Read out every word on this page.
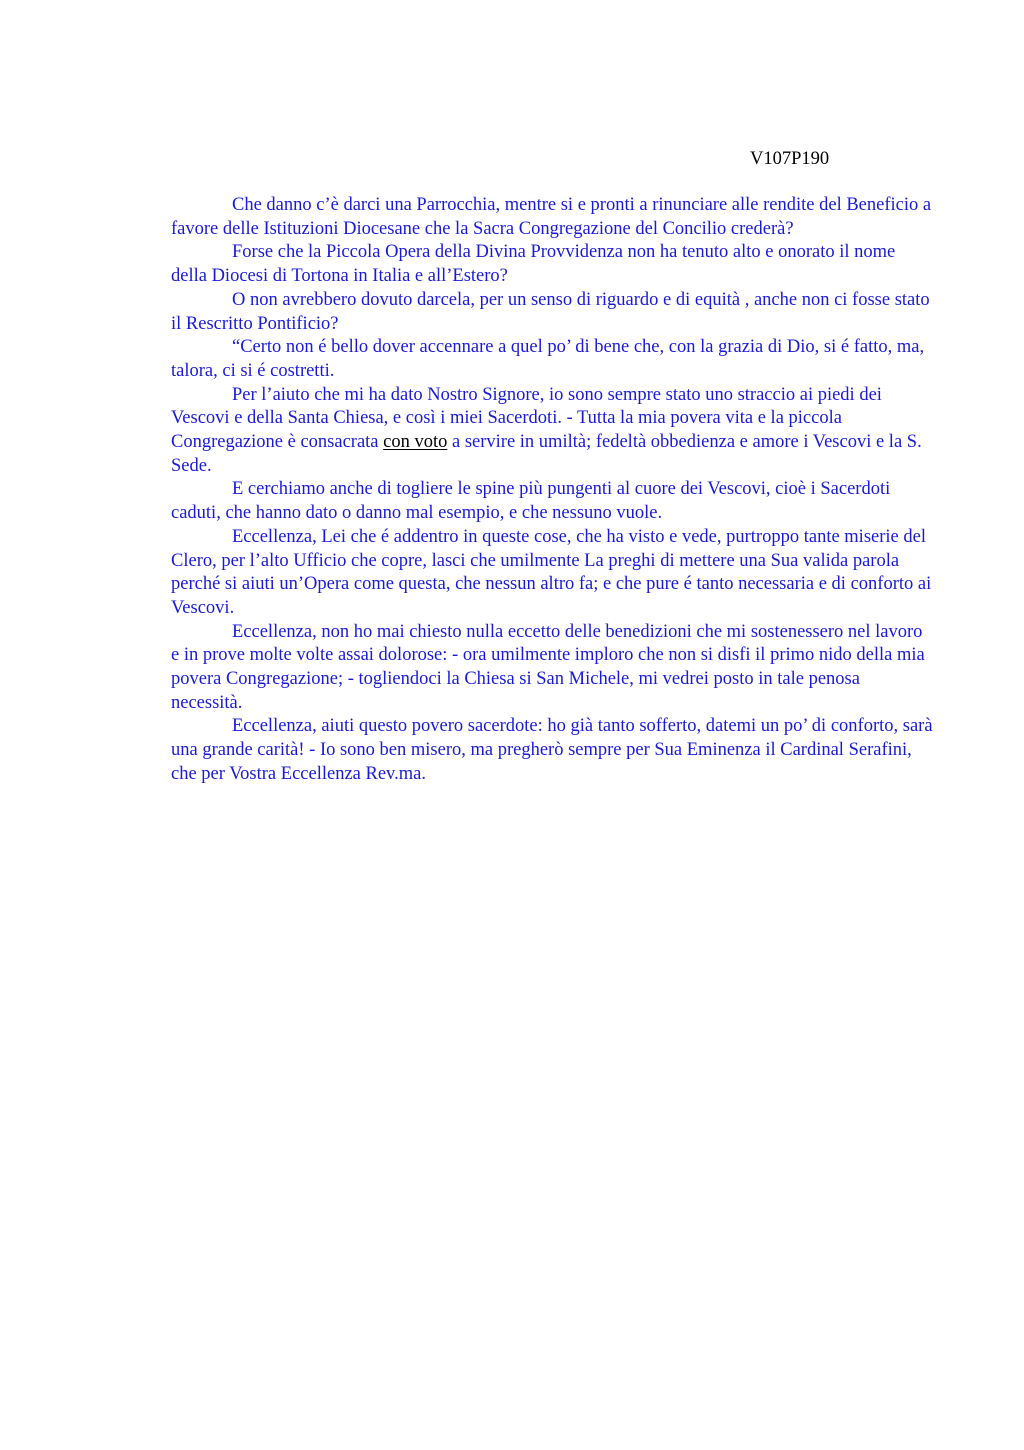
V107P190

Che danno c’è darci una Parrocchia, mentre si e pronti a rinunciare alle rendite del Beneficio a favore delle Istituzioni Diocesane che la Sacra Congregazione del Concilio crederà?

Forse che la Piccola Opera della Divina Provvidenza non ha tenuto alto e onorato il nome della Diocesi di Tortona in Italia e all’Estero?

O non avrebbero dovuto darcela, per un senso di riguardo e di equità , anche non ci fosse stato il Rescritto Pontificio?

“Certo non é bello dover accennare a quel po’ di bene che, con la grazia di Dio, si é fatto, ma, talora, ci si é costretti.

Per l’aiuto che mi ha dato Nostro Signore, io sono sempre stato uno straccio ai piedi dei Vescovi e della Santa Chiesa, e così i miei Sacerdoti. - Tutta la mia povera vita e la piccola Congregazione è consacrata con voto a servire in umiltà; fedeltà obbedienza e amore i Vescovi e la S. Sede.

E cerchiamo anche di togliere le spine più pungenti al cuore dei Vescovi, cioè i Sacerdoti caduti, che hanno dato o danno mal esempio, e che nessuno vuole.

Eccellenza, Lei che é addentro in queste cose, che ha visto e vede, purtroppo tante miserie del Clero, per l’alto Ufficio che copre, lasci che umilmente La preghi di mettere una Sua valida parola perché si aiuti un’Opera come questa, che nessun altro fa; e che pure é tanto necessaria e di conforto ai Vescovi.

Eccellenza, non ho mai chiesto nulla eccetto delle benedizioni che mi sostenessero nel lavoro e in prove molte volte assai dolorose: - ora umilmente imploro che non si disfi il primo nido della mia povera Congregazione; - togliendoci la Chiesa si San Michele, mi vedrei posto in tale penosa necessità.

Eccellenza, aiuti questo povero sacerdote: ho già tanto sofferto, datemi un po’ di conforto, sarà una grande carità! - Io sono ben misero, ma pregherò sempre per Sua Eminenza il Cardinal Serafini, che per Vostra Eccellenza Rev.ma.
